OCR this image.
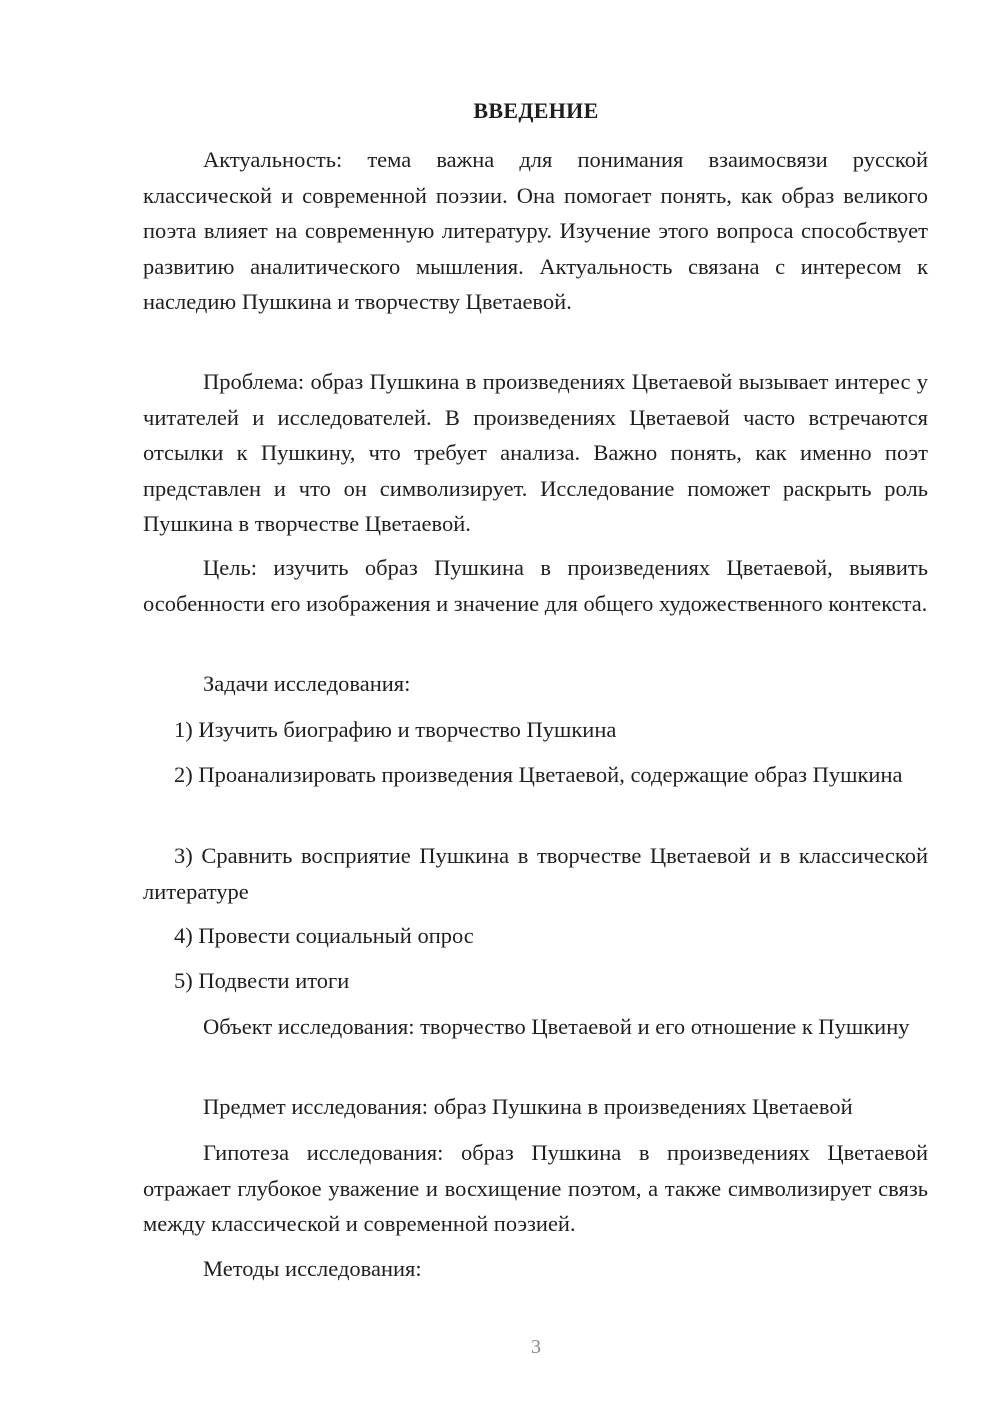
ВВЕДЕНИЕ

Актуальность: тема важна для понимания взаимосвязи русской классической и современной поэзии. Она помогает понять, как образ великого поэта влияет на современную литературу. Изучение этого вопроса способствует развитию аналитического мышления. Актуальность связана с интересом к наследию Пушкина и творчеству Цветаевой.

Проблема: образ Пушкина в произведениях Цветаевой вызывает интерес у читателей и исследователей. В произведениях Цветаевой часто встречаются отсылки к Пушкину, что требует анализа. Важно понять, как именно поэт представлен и что он символизирует. Исследование поможет раскрыть роль Пушкина в творчестве Цветаевой.

Цель: изучить образ Пушкина в произведениях Цветаевой, выявить особенности его изображения и значение для общего художественного контекста.

Задачи исследования:

1) Изучить биографию и творчество Пушкина

2) Проанализировать произведения Цветаевой, содержащие образ Пушкина

3) Сравнить восприятие Пушкина в творчестве Цветаевой и в классической литературе

4) Провести социальный опрос

5) Подвести итоги

Объект исследования: творчество Цветаевой и его отношение к Пушкину

Предмет исследования: образ Пушкина в произведениях Цветаевой

Гипотеза исследования: образ Пушкина в произведениях Цветаевой отражает глубокое уважение и восхищение поэтом, а также символизирует связь между классической и современной поэзией.

Методы исследования:

3
